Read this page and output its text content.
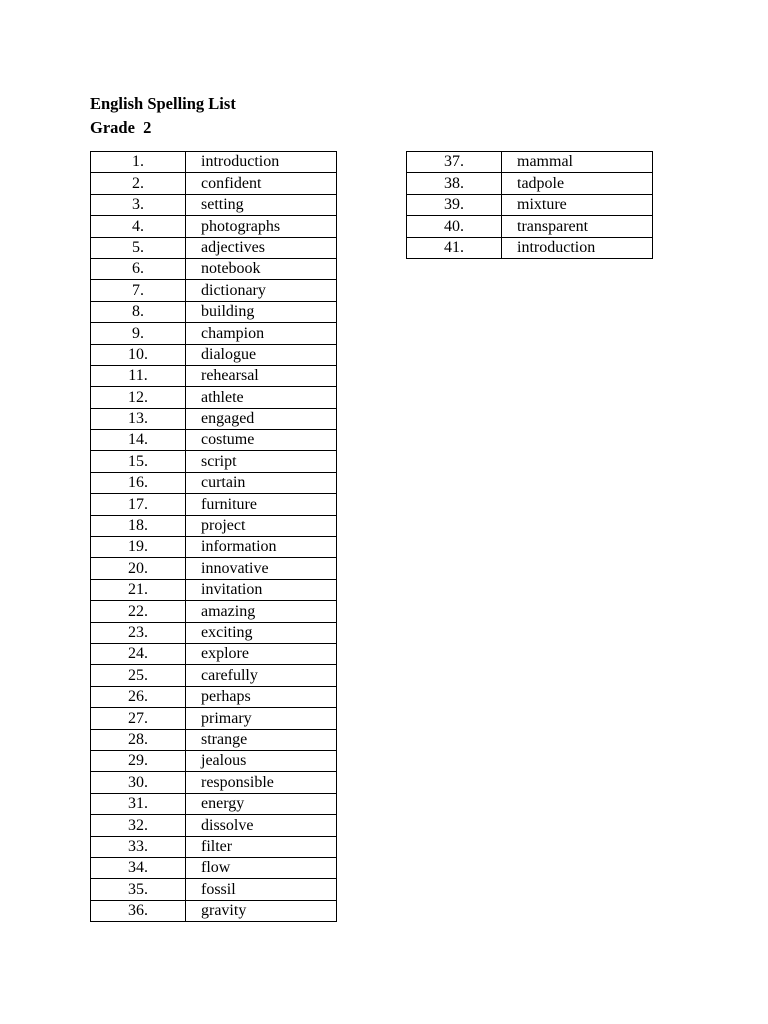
English Spelling List
Grade  2
1.	introduction
2.	confident
3.	setting
4.	photographs
5.	adjectives
6.	notebook
7.	dictionary
8.	building
9.	champion
10.	dialogue
11.	rehearsal
12.	athlete
13.	engaged
14.	costume
15.	script
16.	curtain
17.	furniture
18.	project
19.	information
20.	innovative
21.	invitation
22.	amazing
23.	exciting
24.	explore
25.	carefully
26.	perhaps
27.	primary
28.	strange
29.	jealous
30.	responsible
31.	energy
32.	dissolve
33.	filter
34.	flow
35.	fossil
36.	gravity
37.	mammal
38.	tadpole
39.	mixture
40.	transparent
41.	introduction
